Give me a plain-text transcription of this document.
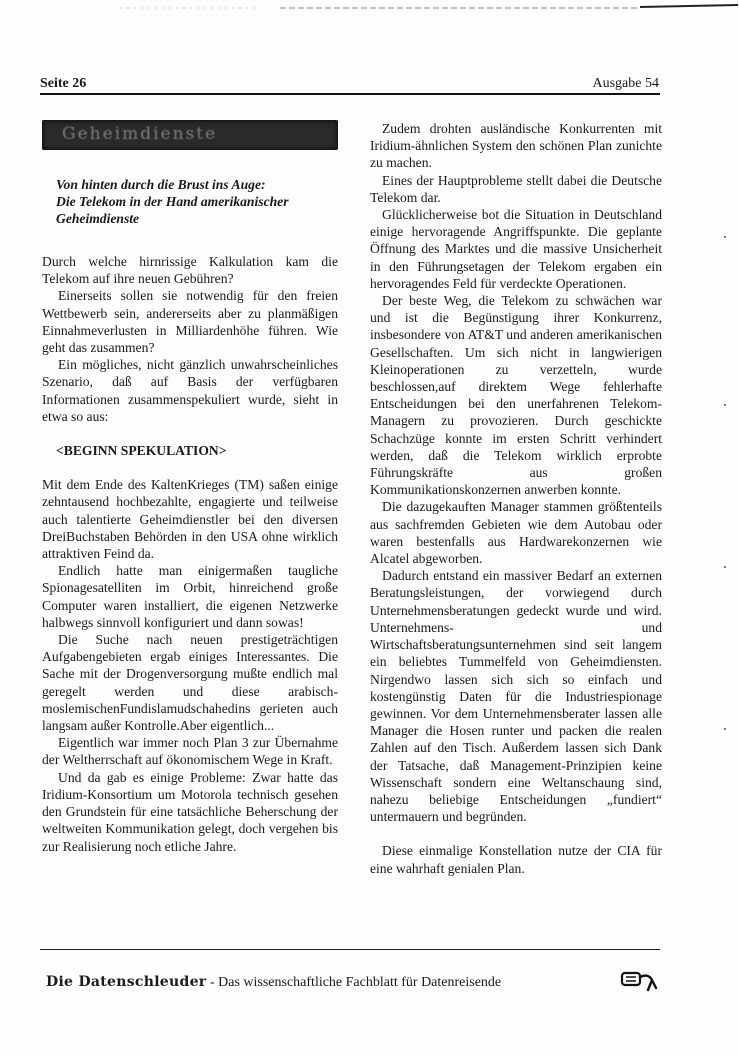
Seite 26	Ausgabe 54
Geheimdienste
Von hinten durch die Brust ins Auge:
Die Telekom in der Hand amerikanischer
Geheimdienste

Durch welche hirnrissige Kalkulation kam die Telekom auf ihre neuen Gebühren?

Einerseits sollen sie notwendig für den freien Wettbewerb sein, andererseits aber zu planmäßigen Einnahmeverlusten in Milliardenhöhe führen. Wie geht das zusammen?

Ein mögliches, nicht gänzlich unwahrscheinliches Szenario, daß auf Basis der verfügbaren Informationen zusammenspekuliert wurde, sieht in etwa so aus:

<BEGINN SPEKULATION>

Mit dem Ende des KaltenKrieges (TM) saßen einige zehntausend hochbezahlte, engagierte und teilweise auch talentierte Geheimdienstler bei den diversen DreiBuchstaben Behörden in den USA ohne wirklich attraktiven Feind da.

Endlich hatte man einigermaßen taugliche Spionagesatelliten im Orbit, hinreichend große Computer waren installiert, die eigenen Netzwerke halbwegs sinnvoll konfiguriert und dann sowas!

Die Suche nach neuen prestigeträchtigen Aufgabengebieten ergab einiges Interessantes. Die Sache mit der Drogenversorgung mußte endlich mal geregelt werden und diese arabisch-moslemischenFundislamudschahedins gerieten auch langsam außer Kontrolle.Aber eigentlich...

Eigentlich war immer noch Plan 3 zur Übernahme der Weltherrschaft auf ökonomischem Wege in Kraft.

Und da gab es einige Probleme: Zwar hatte das Iridium-Konsortium um Motorola technisch gesehen den Grundstein für eine tatsächliche Beherschung der weltweiten Kommunikation gelegt, doch vergehen bis zur Realisierung noch etliche Jahre.

Zudem drohten ausländische Konkurrenten mit Iridium-ähnlichen System den schönen Plan zunichte zu machen.

Eines der Hauptprobleme stellt dabei die Deutsche Telekom dar.

Glücklicherweise bot die Situation in Deutschland einige hervoragende Angriffspunkte. Die geplante Öffnung des Marktes und die massive Unsicherheit in den Führungsetagen der Telekom ergaben ein hervoragendes Feld für verdeckte Operationen.

Der beste Weg, die Telekom zu schwächen war und ist die Begünstigung ihrer Konkurrenz, insbesondere von AT&T und anderen amerikanischen Gesellschaften. Um sich nicht in langwierigen Kleinoperationen zu verzetteln, wurde beschlossen,auf direktem Wege fehlerhafte Entscheidungen bei den unerfahrenen Telekom-Managern zu provozieren. Durch geschickte Schachzüge konnte im ersten Schritt verhindert werden, daß die Telekom wirklich erprobte Führungskräfte aus großen Kommunikationskonzernen anwerben konnte.

Die dazugekauften Manager stammen größtenteils aus sachfremden Gebieten wie dem Autobau oder waren bestenfalls aus Hardwarekonzernen wie Alcatel abgeworben.

Dadurch entstand ein massiver Bedarf an externen Beratungsleistungen, der vorwiegend durch Unternehmensberatungen gedeckt wurde und wird. Unternehmens- und Wirtschaftsberatungsunternehmen sind seit langem ein beliebtes Tummelfeld von Geheimdiensten. Nirgendwo lassen sich sich so einfach und kostengünstig Daten für die Industriespionage gewinnen. Vor dem Unternehmensberater lassen alle Manager die Hosen runter und packen die realen Zahlen auf den Tisch. Außerdem lassen sich Dank der Tatsache, daß Management-Prinzipien keine Wissenschaft sondern eine Weltanschaung sind, nahezu beliebige Entscheidungen „fundiert“ untermauern und begründen.

Diese einmalige Konstellation nutze der CIA für eine wahrhaft genialen Plan.

Die Datenschleuder - Das wissenschaftliche Fachblatt für Datenreisende
